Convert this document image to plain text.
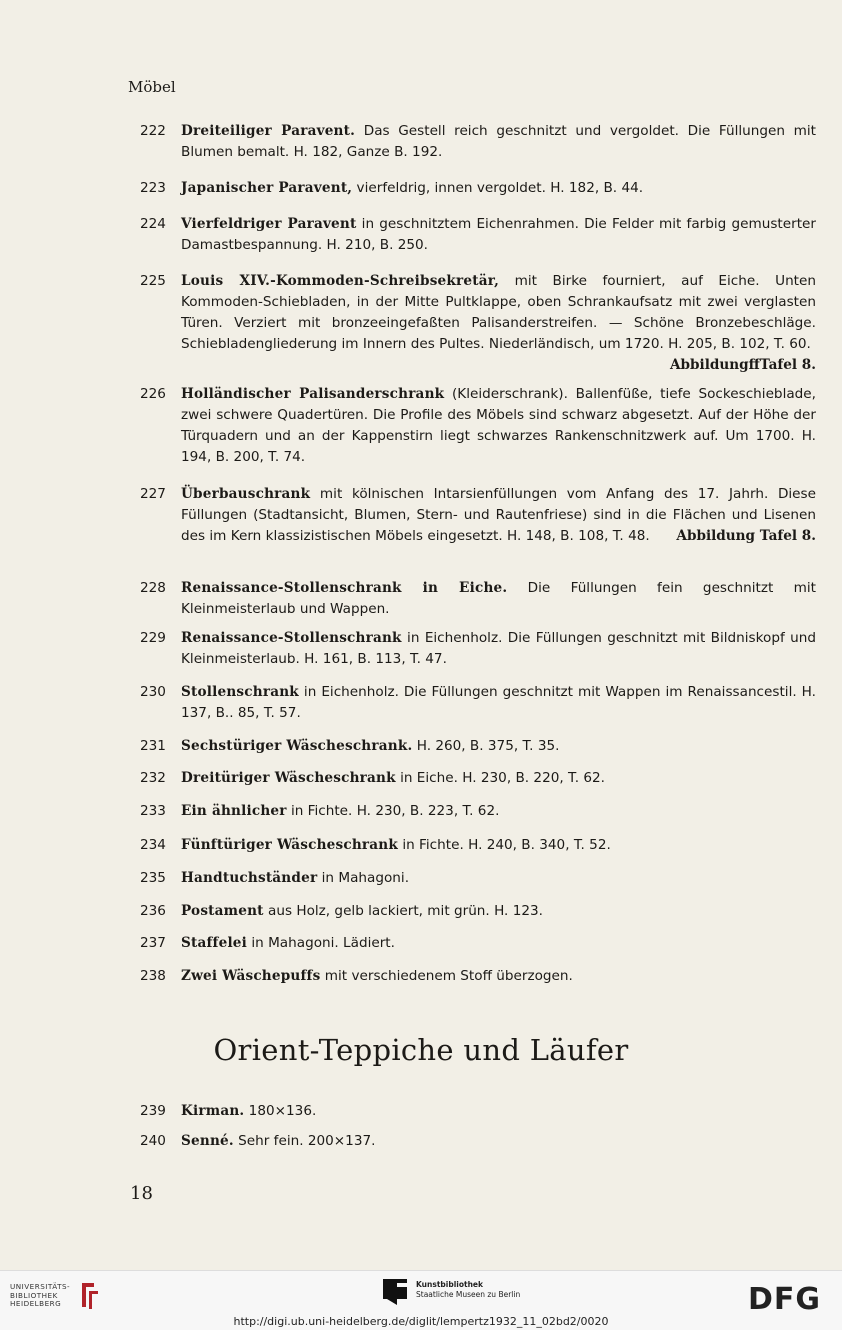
Möbel
222	Dreiteiliger Paravent. Das Gestell reich geschnitzt und vergoldet. Die Füllungen mit Blumen bemalt. H. 182, Ganze B. 192.
223	Japanischer Paravent, vierfeldrig, innen vergoldet. H. 182, B. 44.
224	Vierfeldriger Paravent in geschnitztem Eichenrahmen. Die Felder mit farbig gemusterter Damastbespannung. H. 210, B. 250.
225	Louis XIV.-Kommoden-Schreibsekretär, mit Birke fourniert, auf Eiche. Unten Kommoden-Schiebladen, in der Mitte Pultklappe, oben Schrankaufsatz mit zwei verglasten Türen. Verziert mit bronzeeingefaßten Palisanderstreifen. — Schöne Bronzebeschläge. Schiebladengliederung im Innern des Pultes. Niederländisch, um 1720. H. 205, B. 102, T. 60.
AbbildungffTafel 8.
226	Holländischer Palisanderschrank (Kleiderschrank). Ballenfüße, tiefe Sockeschieblade, zwei schwere Quadertüren. Die Profile des Möbels sind schwarz abgesetzt. Auf der Höhe der Türquadern und an der Kappenstirn liegt schwarzes Rankenschnitzwerk auf. Um 1700. H. 194, B. 200, T. 74.
227	Überbauschrank mit kölnischen Intarsienfüllungen vom Anfang des 17. Jahrh. Diese Füllungen (Stadtansicht, Blumen, Stern- und Rautenfriese) sind in die Flächen und Lisenen des im Kern klassizistischen Möbels eingesetzt. H. 148, B. 108, T. 48. Abbildung Tafel 8.
228	Renaissance-Stollenschrank in Eiche. Die Füllungen fein geschnitzt mit Kleinmeisterlaub und Wappen.
229	Renaissance-Stollenschrank in Eichenholz. Die Füllungen geschnitzt mit Bildniskopf und Kleinmeisterlaub. H. 161, B. 113, T. 47.
230	Stollenschrank in Eichenholz. Die Füllungen geschnitzt mit Wappen im Renaissancestil. H. 137, B.. 85, T. 57.
231	Sechstüriger Wäscheschrank. H. 260, B. 375, T. 35.
232	Dreitüriger Wäscheschrank in Eiche. H. 230, B. 220, T. 62.
233	Ein ähnlicher in Fichte. H. 230, B. 223, T. 62.
234	Fünftüriger Wäscheschrank in Fichte. H. 240, B. 340, T. 52.
235	Handtuchständer in Mahagoni.
236	Postament aus Holz, gelb lackiert, mit grün. H. 123.
237	Staffelei in Mahagoni. Lädiert.
238	Zwei Wäschepuffs mit verschiedenem Stoff überzogen.
Orient-Teppiche und Läufer
239	Kirman. 180×136.
240	Senné. Sehr fein. 200×137.
18
UNIVERSITÄTS-
BIBLIOTHEK
HEIDELBERG
Kunstbibliothek
Staatliche Museen zu Berlin	DFG
http://digi.ub.uni-heidelberg.de/diglit/lempertz1932_11_02bd2/0020
